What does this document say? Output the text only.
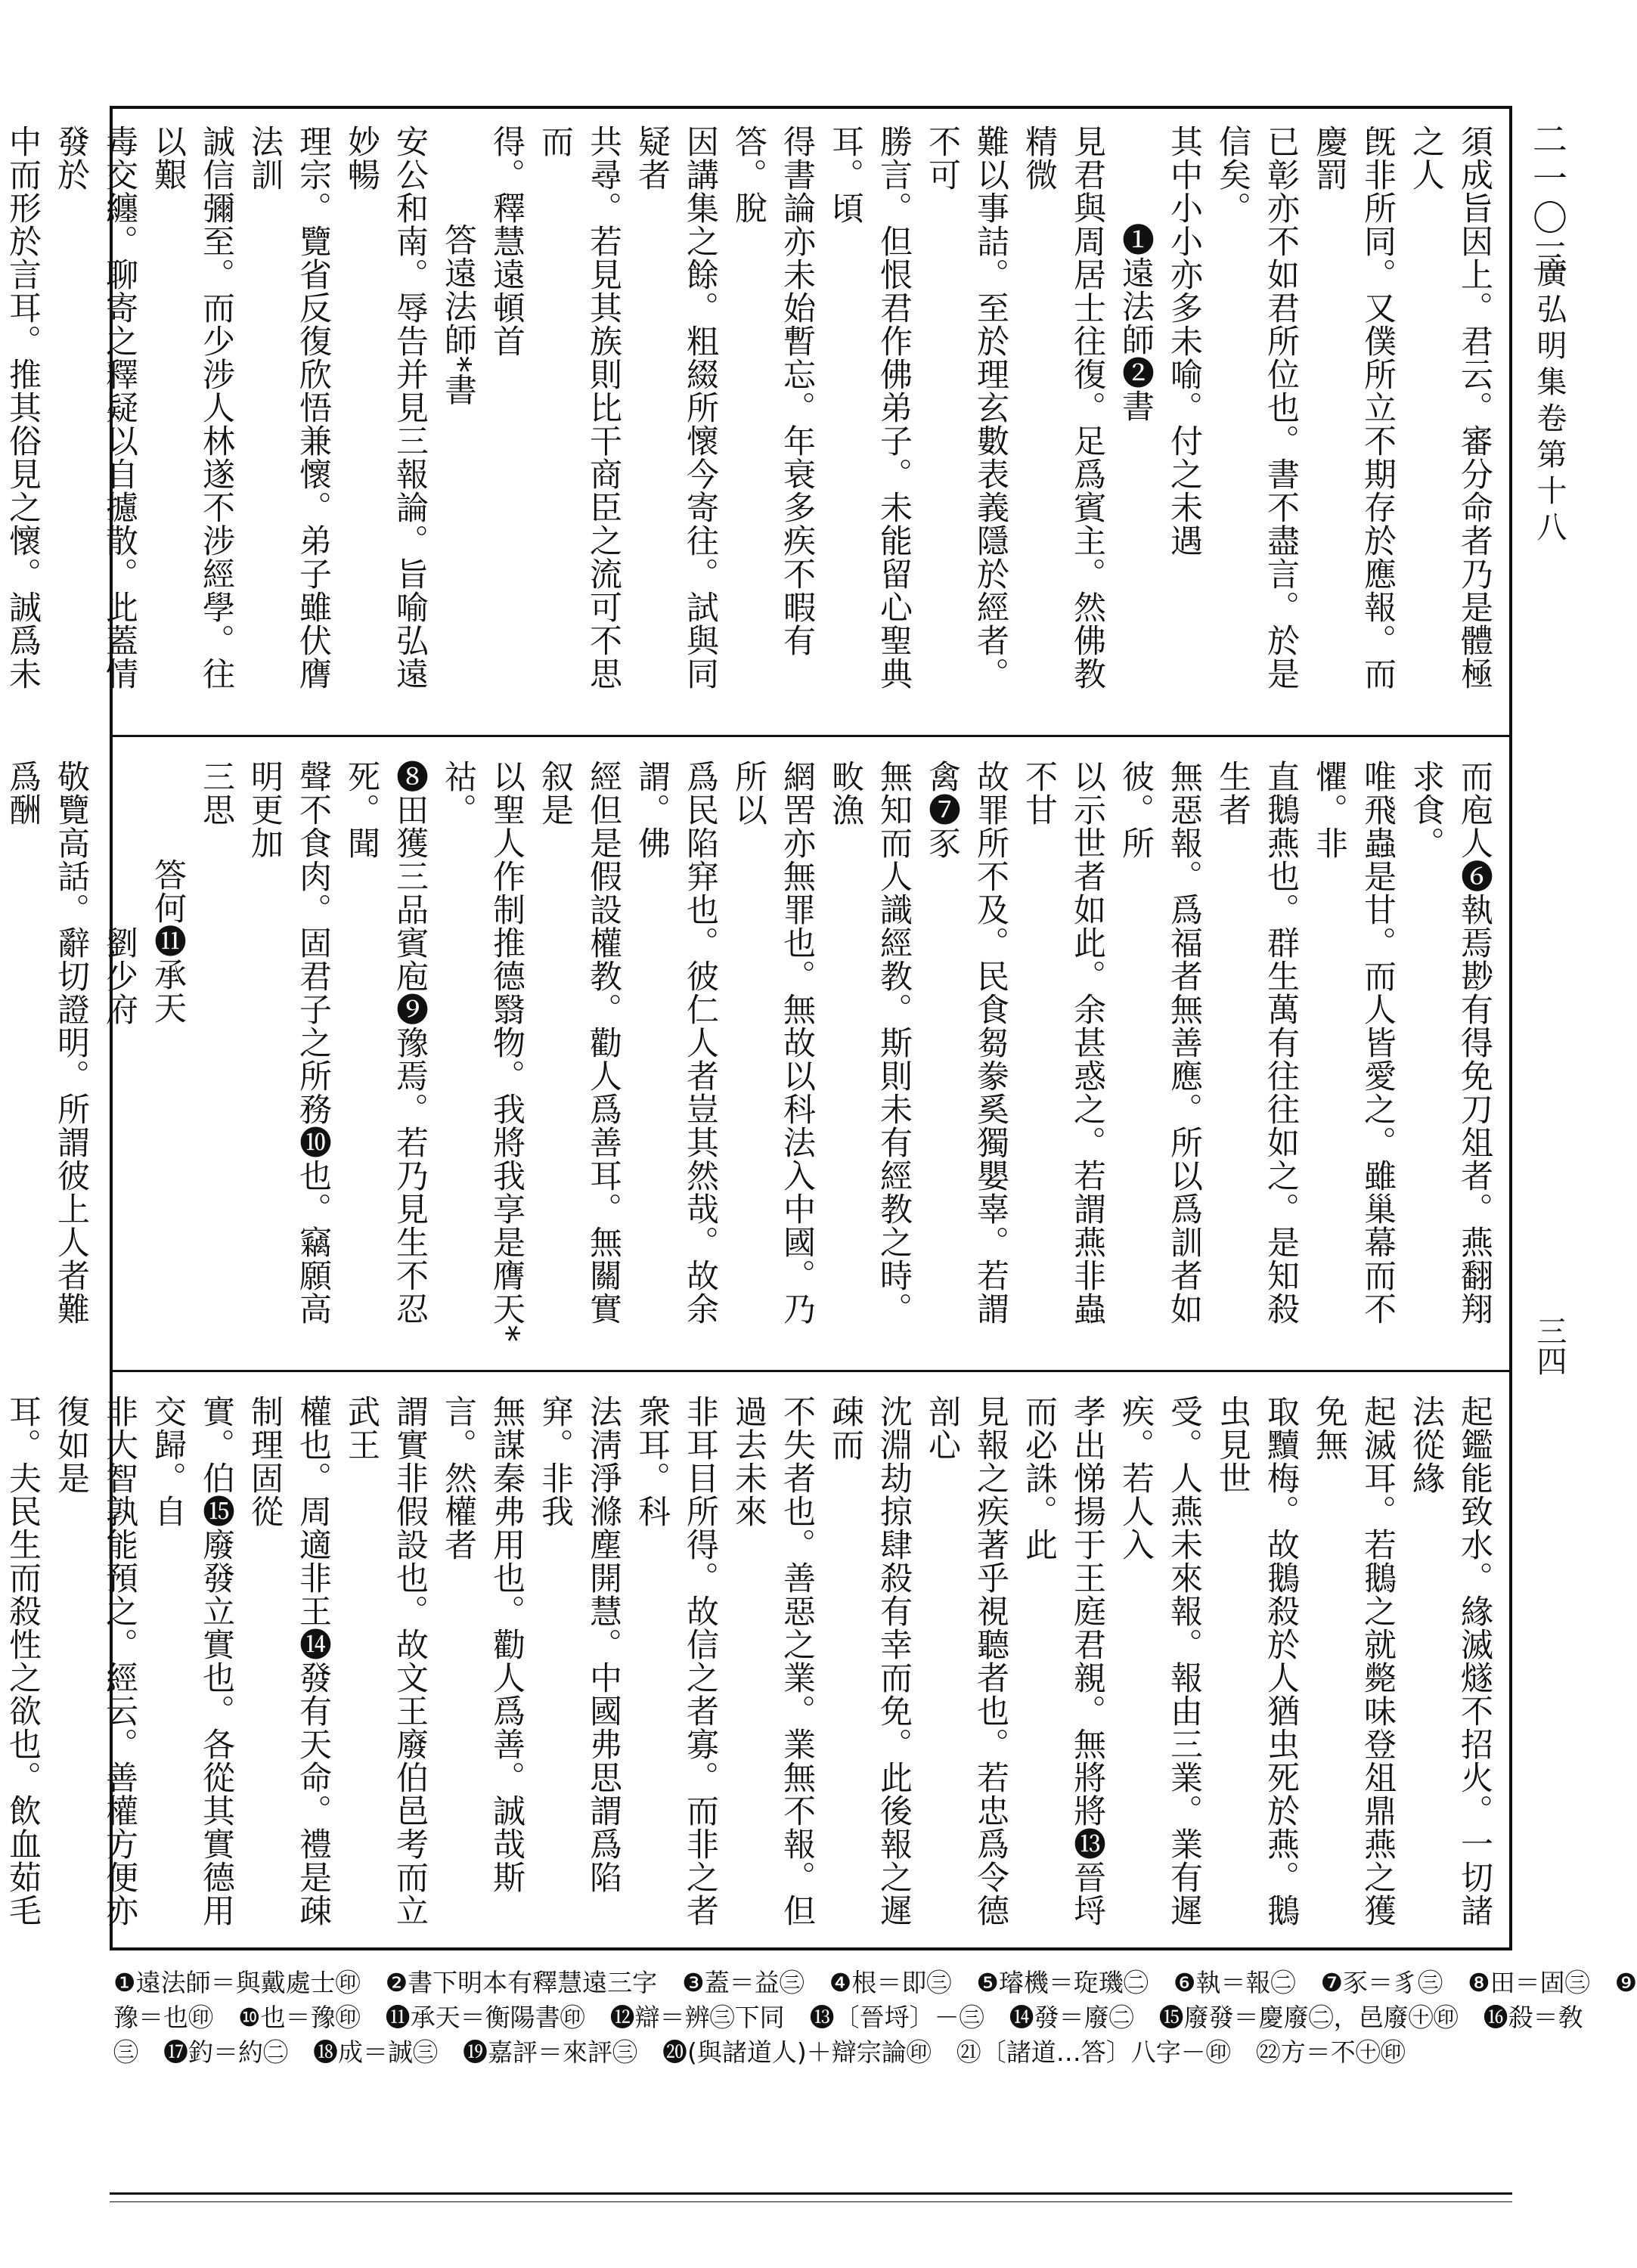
二一〇三
廣弘明集卷第十八
三四

須成旨因上。君云。審分命者乃是體極之人

旣非所同。又僕所立不期存於應報。而慶罰

已彰亦不如君所位也。書不盡言。於是信矣。

其中小小亦多未喻。付之未遇

❶遠法師❷書

見君與周居士往復。足爲賓主。然佛教精微

難以事詰。至於理玄數表義隱於經者。不可

勝言。但恨君作佛弟子。未能留心聖典耳。頃

得書論亦未始暫忘。年衰多疾不暇有答。脫

因講集之餘。粗綴所懷今寄往。試與同疑者

共尋。若見其族則比干商臣之流可不思而

得。釋慧遠頓首

答遠法師*書

安公和南。辱告并見三報論。旨喻弘遠妙暢

理宗。覽省反復欣悟兼懷。弟子雖伏膺法訓

誠信彌至。而少涉人林遂不涉經學。往以艱

毒交纏。聊寄之釋疑以自攄散。此蓋情發於

中而形於言耳。推其俗見之懷。誠爲未

而庖人❻執焉尠有得免刀俎者。燕翻翔求食。

唯飛蟲是甘。而人皆愛之。雖巢幕而不懼。非

直鵝燕也。群生萬有往往如之。是知殺生者

無惡報。爲福者無善應。所以爲訓者如彼。所

以示世者如此。余甚惑之。若謂燕非蟲不甘

故罪所不及。民食芻豢奚獨嬰辜。若謂禽❼豕

無知而人識經教。斯則未有經教之時。畋漁

網罟亦無罪也。無故以科法入中國。乃所以

爲民陷穽也。彼仁人者豈其然哉。故余謂。佛

經但是假設權教。勸人爲善耳。無關實叙是

以聖人作制推德翳物。我將我享是膺天*祜。

❽田獲三品賓庖❾豫焉。若乃見生不忍死。聞

聲不食肉。固君子之所務❿也。竊願高明更加

三思

答何⓫承天

劉少府

敬覽高話。辭切證明。所謂彼上人者難爲酬

起鑑能致水。緣滅燧不招火。一切諸法從緣

起滅耳。若鵝之就斃味登俎鼎燕之獲免無

取黷梅。故鵝殺於人猶虫死於燕。鵝虫見世

受。人燕未來報。報由三業。業有遲疾。若人入

孝出悌揚于王庭君親。無將將⓭晉埒而必誅。此

見報之疾著乎視聽者也。若忠爲令德剖心

沈淵劫掠肆殺有幸而免。此後報之遲疎而

不失者也。善惡之業。業無不報。但過去未來

非耳目所得。故信之者寡。而非之者衆耳。科

法淸淨滌塵開慧。中國弗思謂爲陷穽。非我

無謀秦弗用也。勸人爲善。誠哉斯言。然權者

謂實非假設也。故文王廢伯邑考而立武王

權也。周適非王⓮發有天命。禮是疎制理固從

實。伯⓯廢發立實也。各從其實德用交歸。自

非大智孰能預之。經云。善權方便亦復如是

耳。夫民生而殺性之欲也。飲血茹毛

❶遠法師＝與戴處士㊞　❷書下明本有釋慧遠三字　❸蓋＝益㊂　❹根＝即㊂　❺璿機＝琁璣㊁　❻執＝報㊁　❼豕＝豸㊂　❽田＝固㊂　❾
豫＝也㊞　❿也＝豫㊞　⓫承天＝衡陽書㊞　⓬辯＝辨㊂下同　⓭〔晉埒〕－㊂　⓮發＝廢㊁　⓯廢發＝慶廢㊁，邑廢㊉㊞　⓰殺＝敎
㊂　⓱釣＝約㊁　⓲成＝誠㊂　⓳嘉評＝來評㊂　⓴(與諸道人)＋辯宗論㊞　㉑〔諸道…答〕八字－㊞　㉒方＝不㊉㊞
